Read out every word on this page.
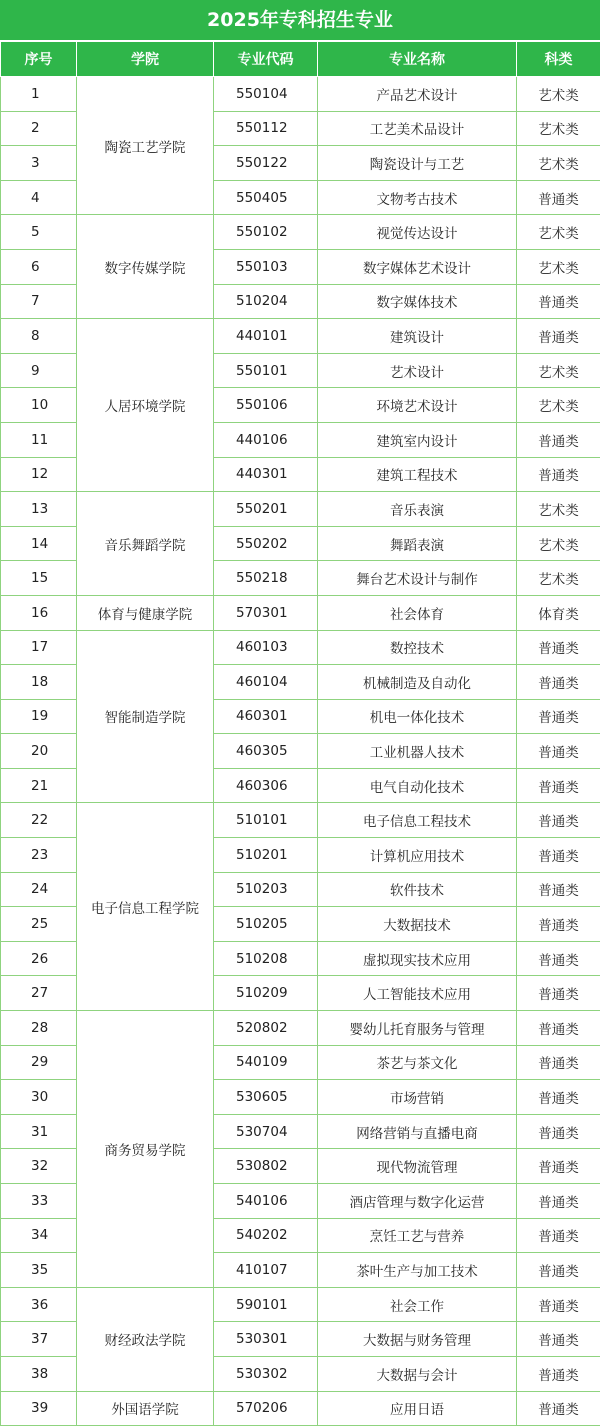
2025年专科招生专业
序号	学院	专业代码	专业名称	科类
1	陶瓷工艺学院	550104	产品艺术设计	艺术类
2		550112	工艺美术品设计	艺术类
3		550122	陶瓷设计与工艺	艺术类
4		550405	文物考古技术	普通类
5	数字传媒学院	550102	视觉传达设计	艺术类
6		550103	数字媒体艺术设计	艺术类
7		510204	数字媒体技术	普通类
8	人居环境学院	440101	建筑设计	普通类
9		550101	艺术设计	艺术类
10		550106	环境艺术设计	艺术类
11		440106	建筑室内设计	普通类
12		440301	建筑工程技术	普通类
13	音乐舞蹈学院	550201	音乐表演	艺术类
14		550202	舞蹈表演	艺术类
15		550218	舞台艺术设计与制作	艺术类
16	体育与健康学院	570301	社会体育	体育类
17	智能制造学院	460103	数控技术	普通类
18		460104	机械制造及自动化	普通类
19		460301	机电一体化技术	普通类
20		460305	工业机器人技术	普通类
21		460306	电气自动化技术	普通类
22	电子信息工程学院	510101	电子信息工程技术	普通类
23		510201	计算机应用技术	普通类
24		510203	软件技术	普通类
25		510205	大数据技术	普通类
26		510208	虚拟现实技术应用	普通类
27		510209	人工智能技术应用	普通类
28	商务贸易学院	520802	婴幼儿托育服务与管理	普通类
29		540109	茶艺与茶文化	普通类
30		530605	市场营销	普通类
31		530704	网络营销与直播电商	普通类
32		530802	现代物流管理	普通类
33		540106	酒店管理与数字化运营	普通类
34		540202	烹饪工艺与营养	普通类
35		410107	茶叶生产与加工技术	普通类
36	财经政法学院	590101	社会工作	普通类
37		530301	大数据与财务管理	普通类
38		530302	大数据与会计	普通类
39	外国语学院	570206	应用日语	普通类
